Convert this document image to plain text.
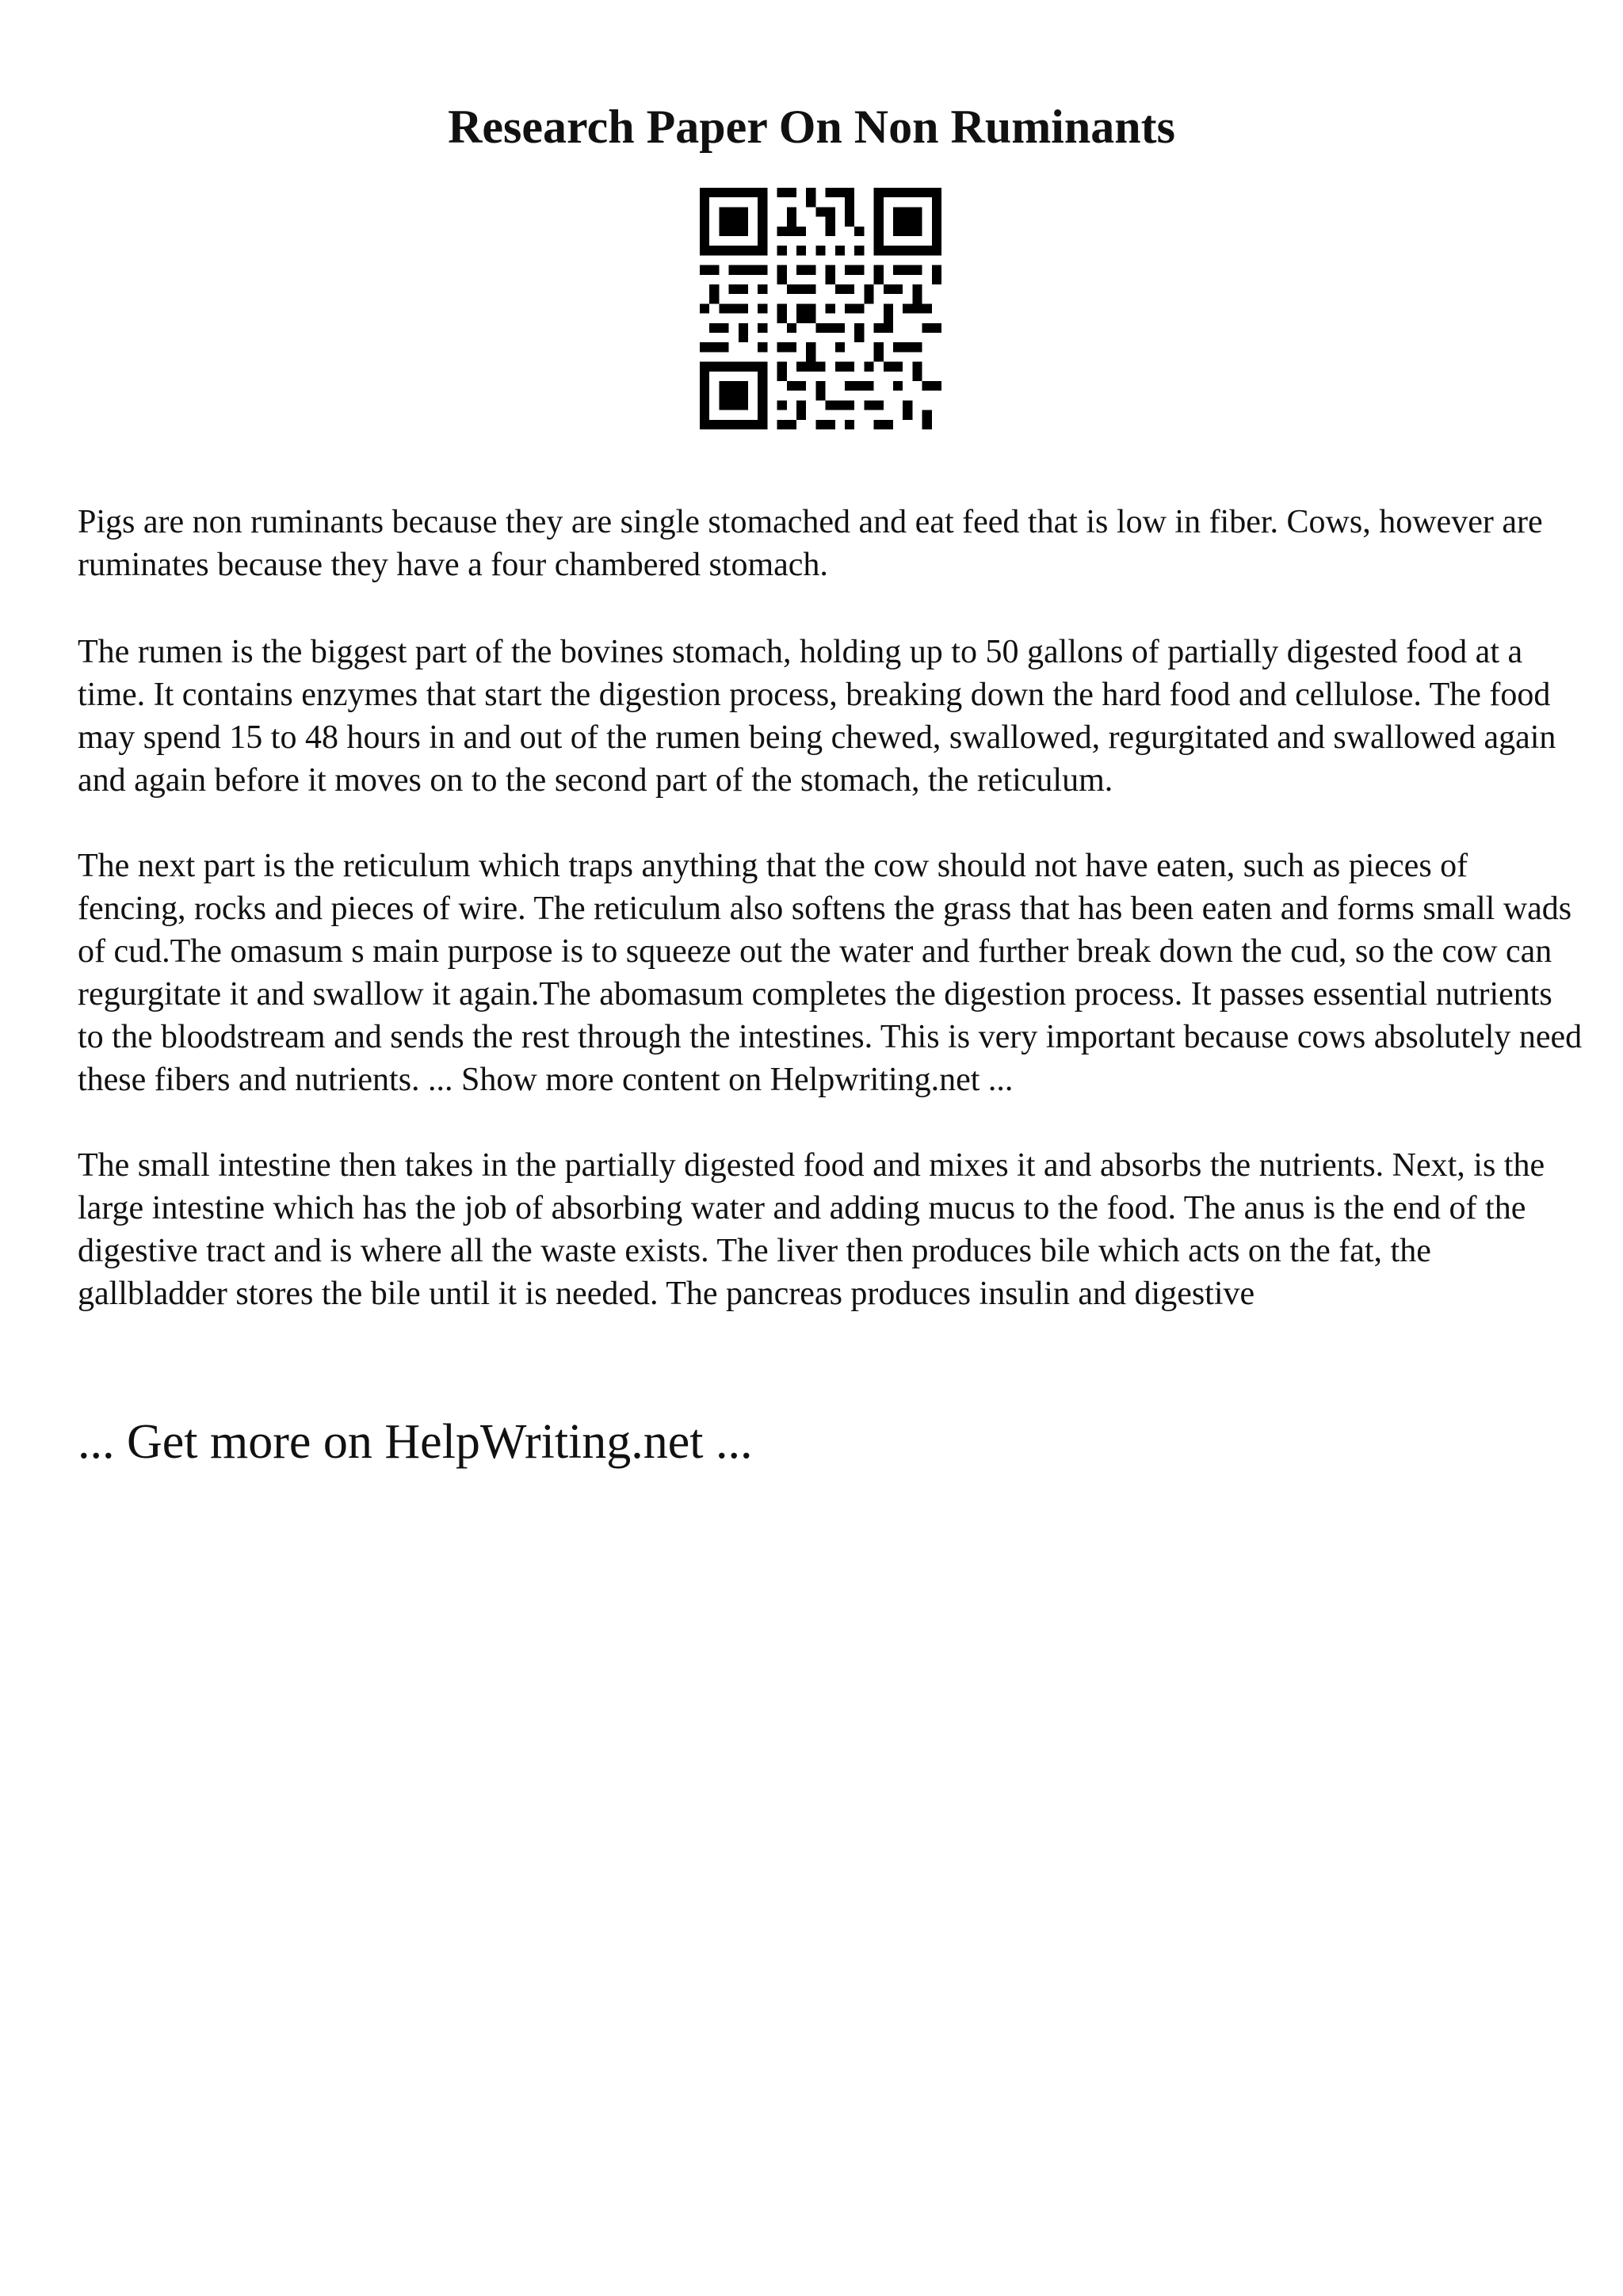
Research Paper On Non Ruminants

Pigs are non ruminants because they are single stomached and eat feed that is low in fiber. Cows, however are ruminates because they have a four chambered stomach.

The rumen is the biggest part of the bovines stomach, holding up to 50 gallons of partially digested food at a time. It contains enzymes that start the digestion process, breaking down the hard food and cellulose. The food may spend 15 to 48 hours in and out of the rumen being chewed, swallowed, regurgitated and swallowed again and again before it moves on to the second part of the stomach, the reticulum.

The next part is the reticulum which traps anything that the cow should not have eaten, such as pieces of fencing, rocks and pieces of wire. The reticulum also softens the grass that has been eaten and forms small wads of cud.The omasum s main purpose is to squeeze out the water and further break down the cud, so the cow can regurgitate it and swallow it again.The abomasum completes the digestion process. It passes essential nutrients to the bloodstream and sends the rest through the intestines. This is very important because cows absolutely need these fibers and nutrients. ... Show more content on Helpwriting.net ...

The small intestine then takes in the partially digested food and mixes it and absorbs the nutrients. Next, is the large intestine which has the job of absorbing water and adding mucus to the food. The anus is the end of the digestive tract and is where all the waste exists. The liver then produces bile which acts on the fat, the gallbladder stores the bile until it is needed. The pancreas produces insulin and digestive

... Get more on HelpWriting.net ...
